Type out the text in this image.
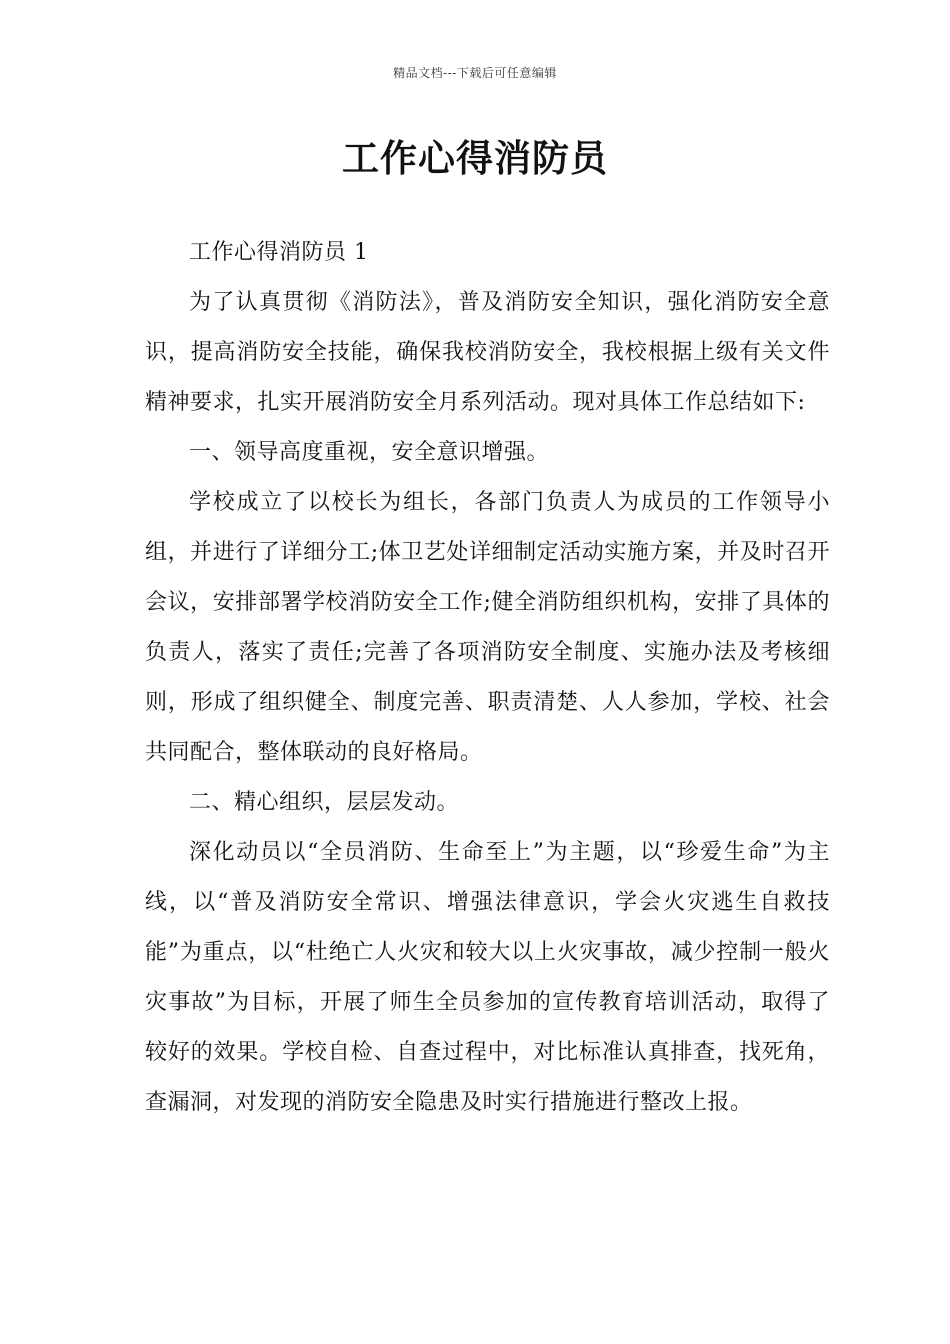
精品文档---下载后可任意编辑
工作心得消防员

工作心得消防员 1

为了认真贯彻《消防法》，普及消防安全知识，强化消防安全意识，提高消防安全技能，确保我校消防安全，我校根据上级有关文件精神要求，扎实开展消防安全月系列活动。现对具体工作总结如下:

一、领导高度重视，安全意识增强。

学校成立了以校长为组长，各部门负责人为成员的工作领导小组，并进行了详细分工;体卫艺处详细制定活动实施方案，并及时召开会议，安排部署学校消防安全工作;健全消防组织机构，安排了具体的负责人，落实了责任;完善了各项消防安全制度、实施办法及考核细则，形成了组织健全、制度完善、职责清楚、人人参加，学校、社会共同配合，整体联动的良好格局。

二、精心组织，层层发动。

深化动员以“全员消防、生命至上”为主题，以“珍爱生命”为主线，以“普及消防安全常识、增强法律意识，学会火灾逃生自救技能”为重点，以“杜绝亡人火灾和较大以上火灾事故，减少控制一般火灾事故”为目标，开展了师生全员参加的宣传教育培训活动，取得了较好的效果。学校自检、自查过程中，对比标准认真排查，找死角，查漏洞，对发现的消防安全隐患及时实行措施进行整改上报。
